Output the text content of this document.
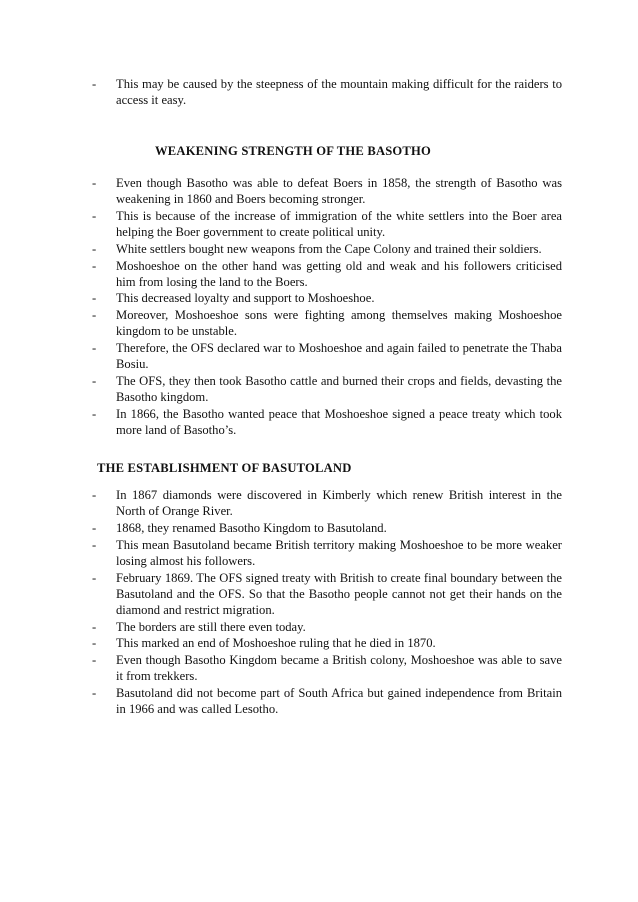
- This may be caused by the steepness of the mountain making difficult for the raiders to access it easy.
WEAKENING STRENGTH OF THE BASOTHO
- Even though Basotho was able to defeat Boers in 1858, the strength of Basotho was weakening in 1860 and Boers becoming stronger.
- This is because of the increase of immigration of the white settlers into the Boer area helping the Boer government to create political unity.
- White settlers bought new weapons from the Cape Colony and trained their soldiers.
- Moshoeshoe on the other hand was getting old and weak and his followers criticised him from losing the land to the Boers.
- This decreased loyalty and support to Moshoeshoe.
- Moreover, Moshoeshoe sons were fighting among themselves making Moshoeshoe kingdom to be unstable.
- Therefore, the OFS declared war to Moshoeshoe and again failed to penetrate the Thaba Bosiu.
- The OFS, they then took Basotho cattle and burned their crops and fields, devasting the Basotho kingdom.
- In 1866, the Basotho wanted peace that Moshoeshoe signed a peace treaty which took more land of Basotho’s.
THE ESTABLISHMENT OF BASUTOLAND
- In 1867 diamonds were discovered in Kimberly which renew British interest in the North of Orange River.
- 1868, they renamed Basotho Kingdom to Basutoland.
- This mean Basutoland became British territory making Moshoeshoe to be more weaker losing almost his followers.
- February 1869. The OFS signed treaty with British to create final boundary between the Basutoland and the OFS. So that the Basotho people cannot not get their hands on the diamond and restrict migration.
- The borders are still there even today.
- This marked an end of Moshoeshoe ruling that he died in 1870.
- Even though Basotho Kingdom became a British colony, Moshoeshoe was able to save it from trekkers.
- Basutoland did not become part of South Africa but gained independence from Britain in 1966 and was called Lesotho.
